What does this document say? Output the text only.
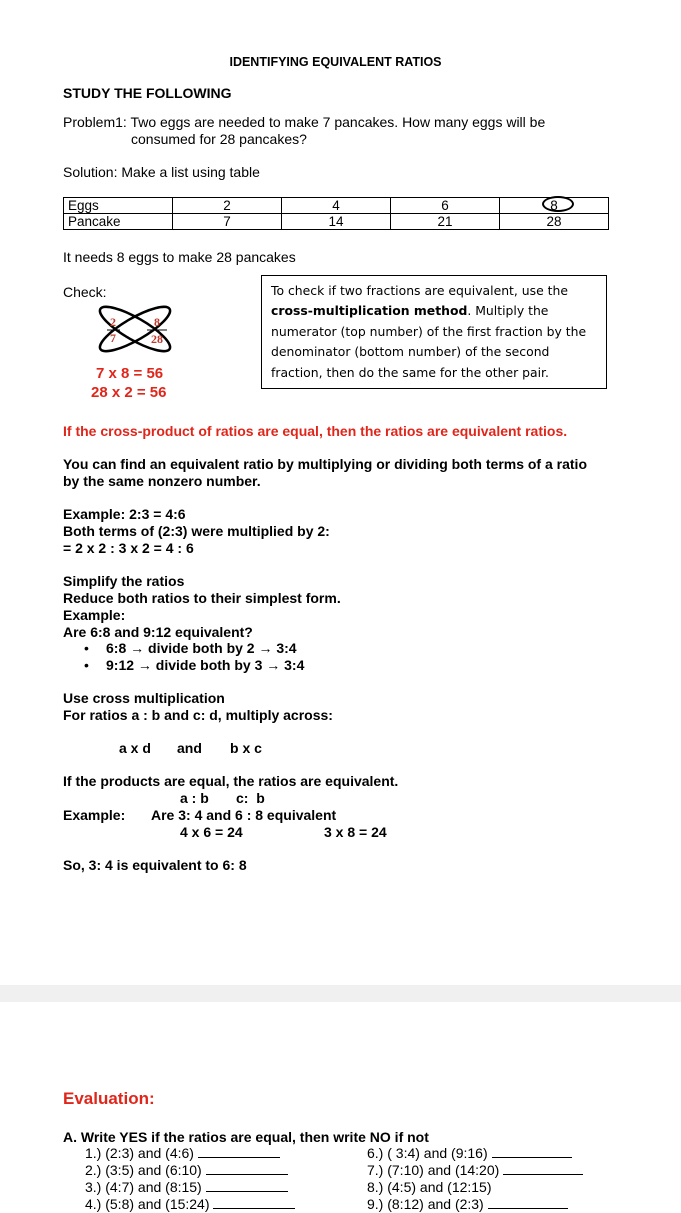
IDENTIFYING EQUIVALENT RATIOS
STUDY THE FOLLOWING
Problem1: Two eggs are needed to make 7 pancakes. How many eggs will be
consumed for 28 pancakes?
Solution: Make a list using table
Eggs	2	4	6	8

Pancake	7	14	21	28
It needs 8 eggs to make 28 pancakes
Check:
2
7
8
28
7 x 8 = 56
28 x 2 = 56
To check if two fractions are equivalent, use the
cross-multiplication method. Multiply the
numerator (top number) of the first fraction by the
denominator (bottom number) of the second
fraction, then do the same for the other pair.
If the cross-product of ratios are equal, then the ratios are equivalent ratios.
You can find an equivalent ratio by multiplying or dividing both terms of a ratio
by the same nonzero number.
Example: 2:3 = 4:6
Both terms of (2:3) were multiplied by 2:
= 2 x 2 : 3 x 2 = 4 : 6
Simplify the ratios
Reduce both ratios to their simplest form.
Example:
Are 6:8 and 9:12 equivalent?
• 6:8 → divide both by 2 → 3:4
• 9:12 → divide both by 3 → 3:4
Use cross multiplication
For ratios a : b and c: d, multiply across:
a x d and b x c
If the products are equal, the ratios are equivalent.
a : b       c:  b
Example: Are 3: 4 and 6 : 8 equivalent
4 x 6 = 24	3 x 8 = 24
So, 3: 4 is equivalent to 6: 8
Evaluation:
A. Write YES if the ratios are equal, then write NO if not
1.) (2:3) and (4:6)
2.) (3:5) and (6:10)
3.) (4:7) and (8:15)
4.) (5:8) and (15:24)
6.) ( 3:4) and (9:16)
7.) (7:10) and (14:20)
8.) (4:5) and (12:15)
9.) (8:12) and (2:3)
